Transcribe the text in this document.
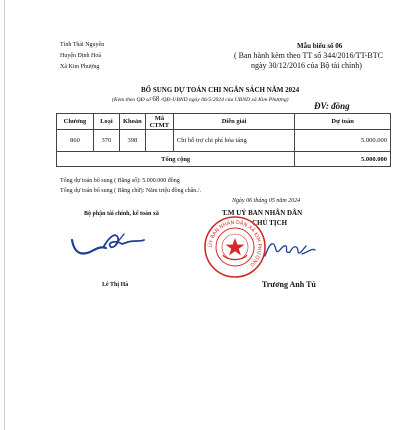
Tỉnh Thái Nguyên
Huyện Định Hoá
Xã Kim Phượng
Mẫu biểu số 06
( Ban hành kèm theo TT số 344/2016/TT-BTC
ngày 30/12/2016 của Bộ tài chính)
BỔ SUNG DỰ TOÁN CHI NGÂN SÁCH NĂM 2024
(Kèm theo QĐ số 68 /QĐ-UBND ngày 06/5/2024 của UBND xã Kim Phượng)
ĐV: đồng
Chương	Loại	Khoản	Mã CTMT	Diễn giải	Dự toán
860	370	398		Chi hỗ trợ chi phí hỏa táng	5.000.000
Tổng cộng					5.000.000
Tổng dự toán bổ sung ( Bằng số): 5.000.000 đồng
Tổng dự toán bổ sung ( Bằng chữ): Năm triệu đồng chẵn./.
Ngày 06 tháng 05 năm 2024
Bộ phận tài chính, kế toán xã
Lê Thị Hà
T.M UỶ BAN NHÂN DÂN
CHỦ TỊCH
ỦY BAN NHÂN DÂN XÃ KIM PHƯỢNG
Trương Anh Tú
